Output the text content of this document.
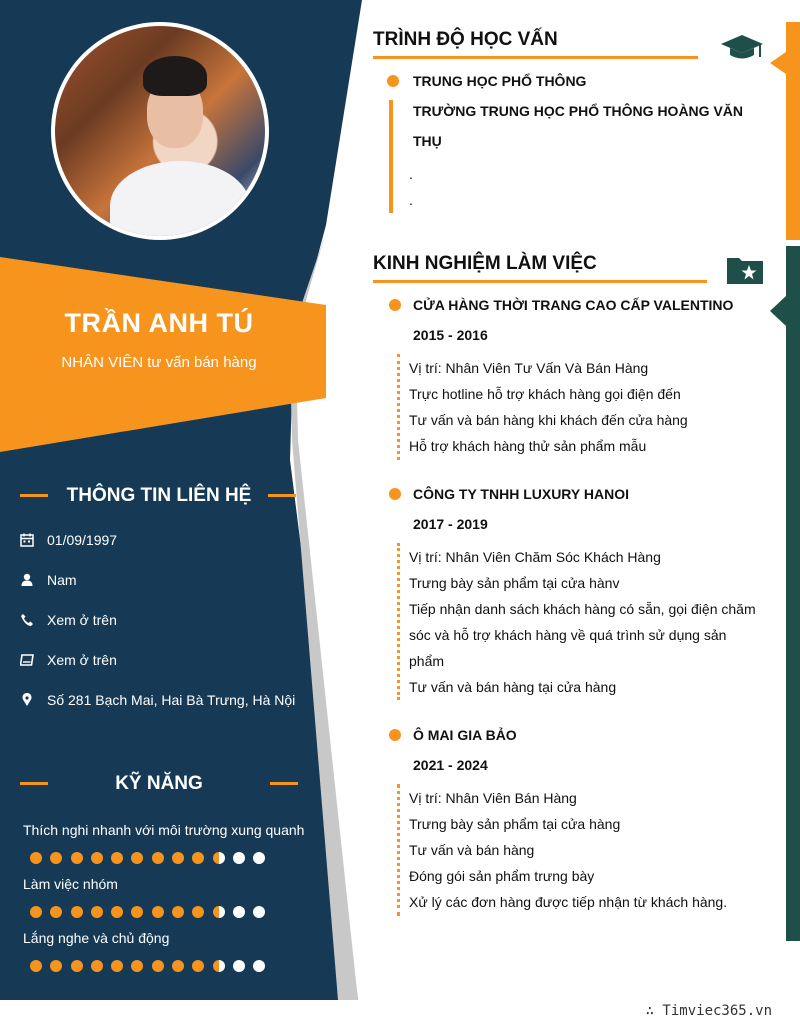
TRẦN ANH TÚ
NHÂN VIÊN tư vấn bán hàng
THÔNG TIN LIÊN HỆ
01/09/1997
Nam
Xem ở trên
Xem ở trên
Số 281 Bạch Mai, Hai Bà Trưng, Hà Nội
KỸ NĂNG
Thích nghi nhanh với môi trường xung quanh
Làm việc nhóm
Lắng nghe và chủ động
TRÌNH ĐỘ HỌC VẤN
TRUNG HỌC PHỔ THÔNG
TRƯỜNG TRUNG HỌC PHỔ THÔNG HOÀNG VĂN
THỤ
.
.
KINH NGHIỆM LÀM VIỆC
CỬA HÀNG THỜI TRANG CAO CẤP VALENTINO
2015 - 2016
Vị trí: Nhân Viên Tư Vấn Và Bán Hàng
Trực hotline hỗ trợ khách hàng gọi điện đến
Tư vấn và bán hàng khi khách đến cửa hàng
Hỗ trợ khách hàng thử sản phẩm mẫu
CÔNG TY TNHH LUXURY HANOI
2017 - 2019
Vị trí: Nhân Viên Chăm Sóc Khách Hàng
Trưng bày sản phẩm tại cửa hànv
Tiếp nhận danh sách khách hàng có sẵn, gọi điện chăm
sóc và hỗ trợ khách hàng về quá trình sử dụng sản
phẩm
Tư vấn và bán hàng tại cửa hàng
Ô MAI GIA BẢO
2021 - 2024
Vị trí: Nhân Viên Bán Hàng
Trưng bày sản phẩm tại cửa hàng
Tư vấn và bán hàng
Đóng gói sản phẩm trưng bày
Xử lý các đơn hàng được tiếp nhận từ khách hàng.
∴ Timviec365.vn
